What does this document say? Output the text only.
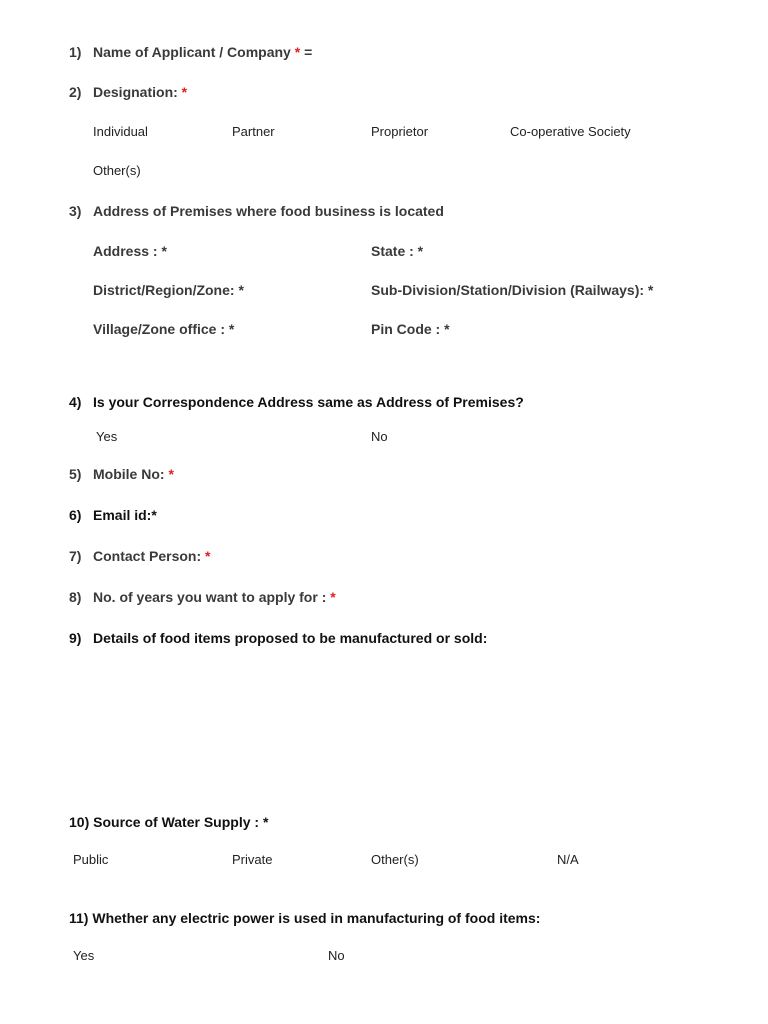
1) Name of Applicant / Company * =
2) Designation: *
Individual	Partner	Proprietor	Co-operative Society
Other(s)
3) Address of Premises where food business is located
Address : *	State : *
District/Region/Zone: *	Sub-Division/Station/Division (Railways): *
Village/Zone office : *	Pin Code : *
4) Is your Correspondence Address same as Address of Premises?
Yes	No
5) Mobile No: *
6) Email id:*
7) Contact Person: *
8) No. of years you want to apply for : *
9) Details of food items proposed to be manufactured or sold:
10) Source of Water Supply : *
Public	Private	Other(s)	N/A
11) Whether any electric power is used in manufacturing of food items:
Yes	No
